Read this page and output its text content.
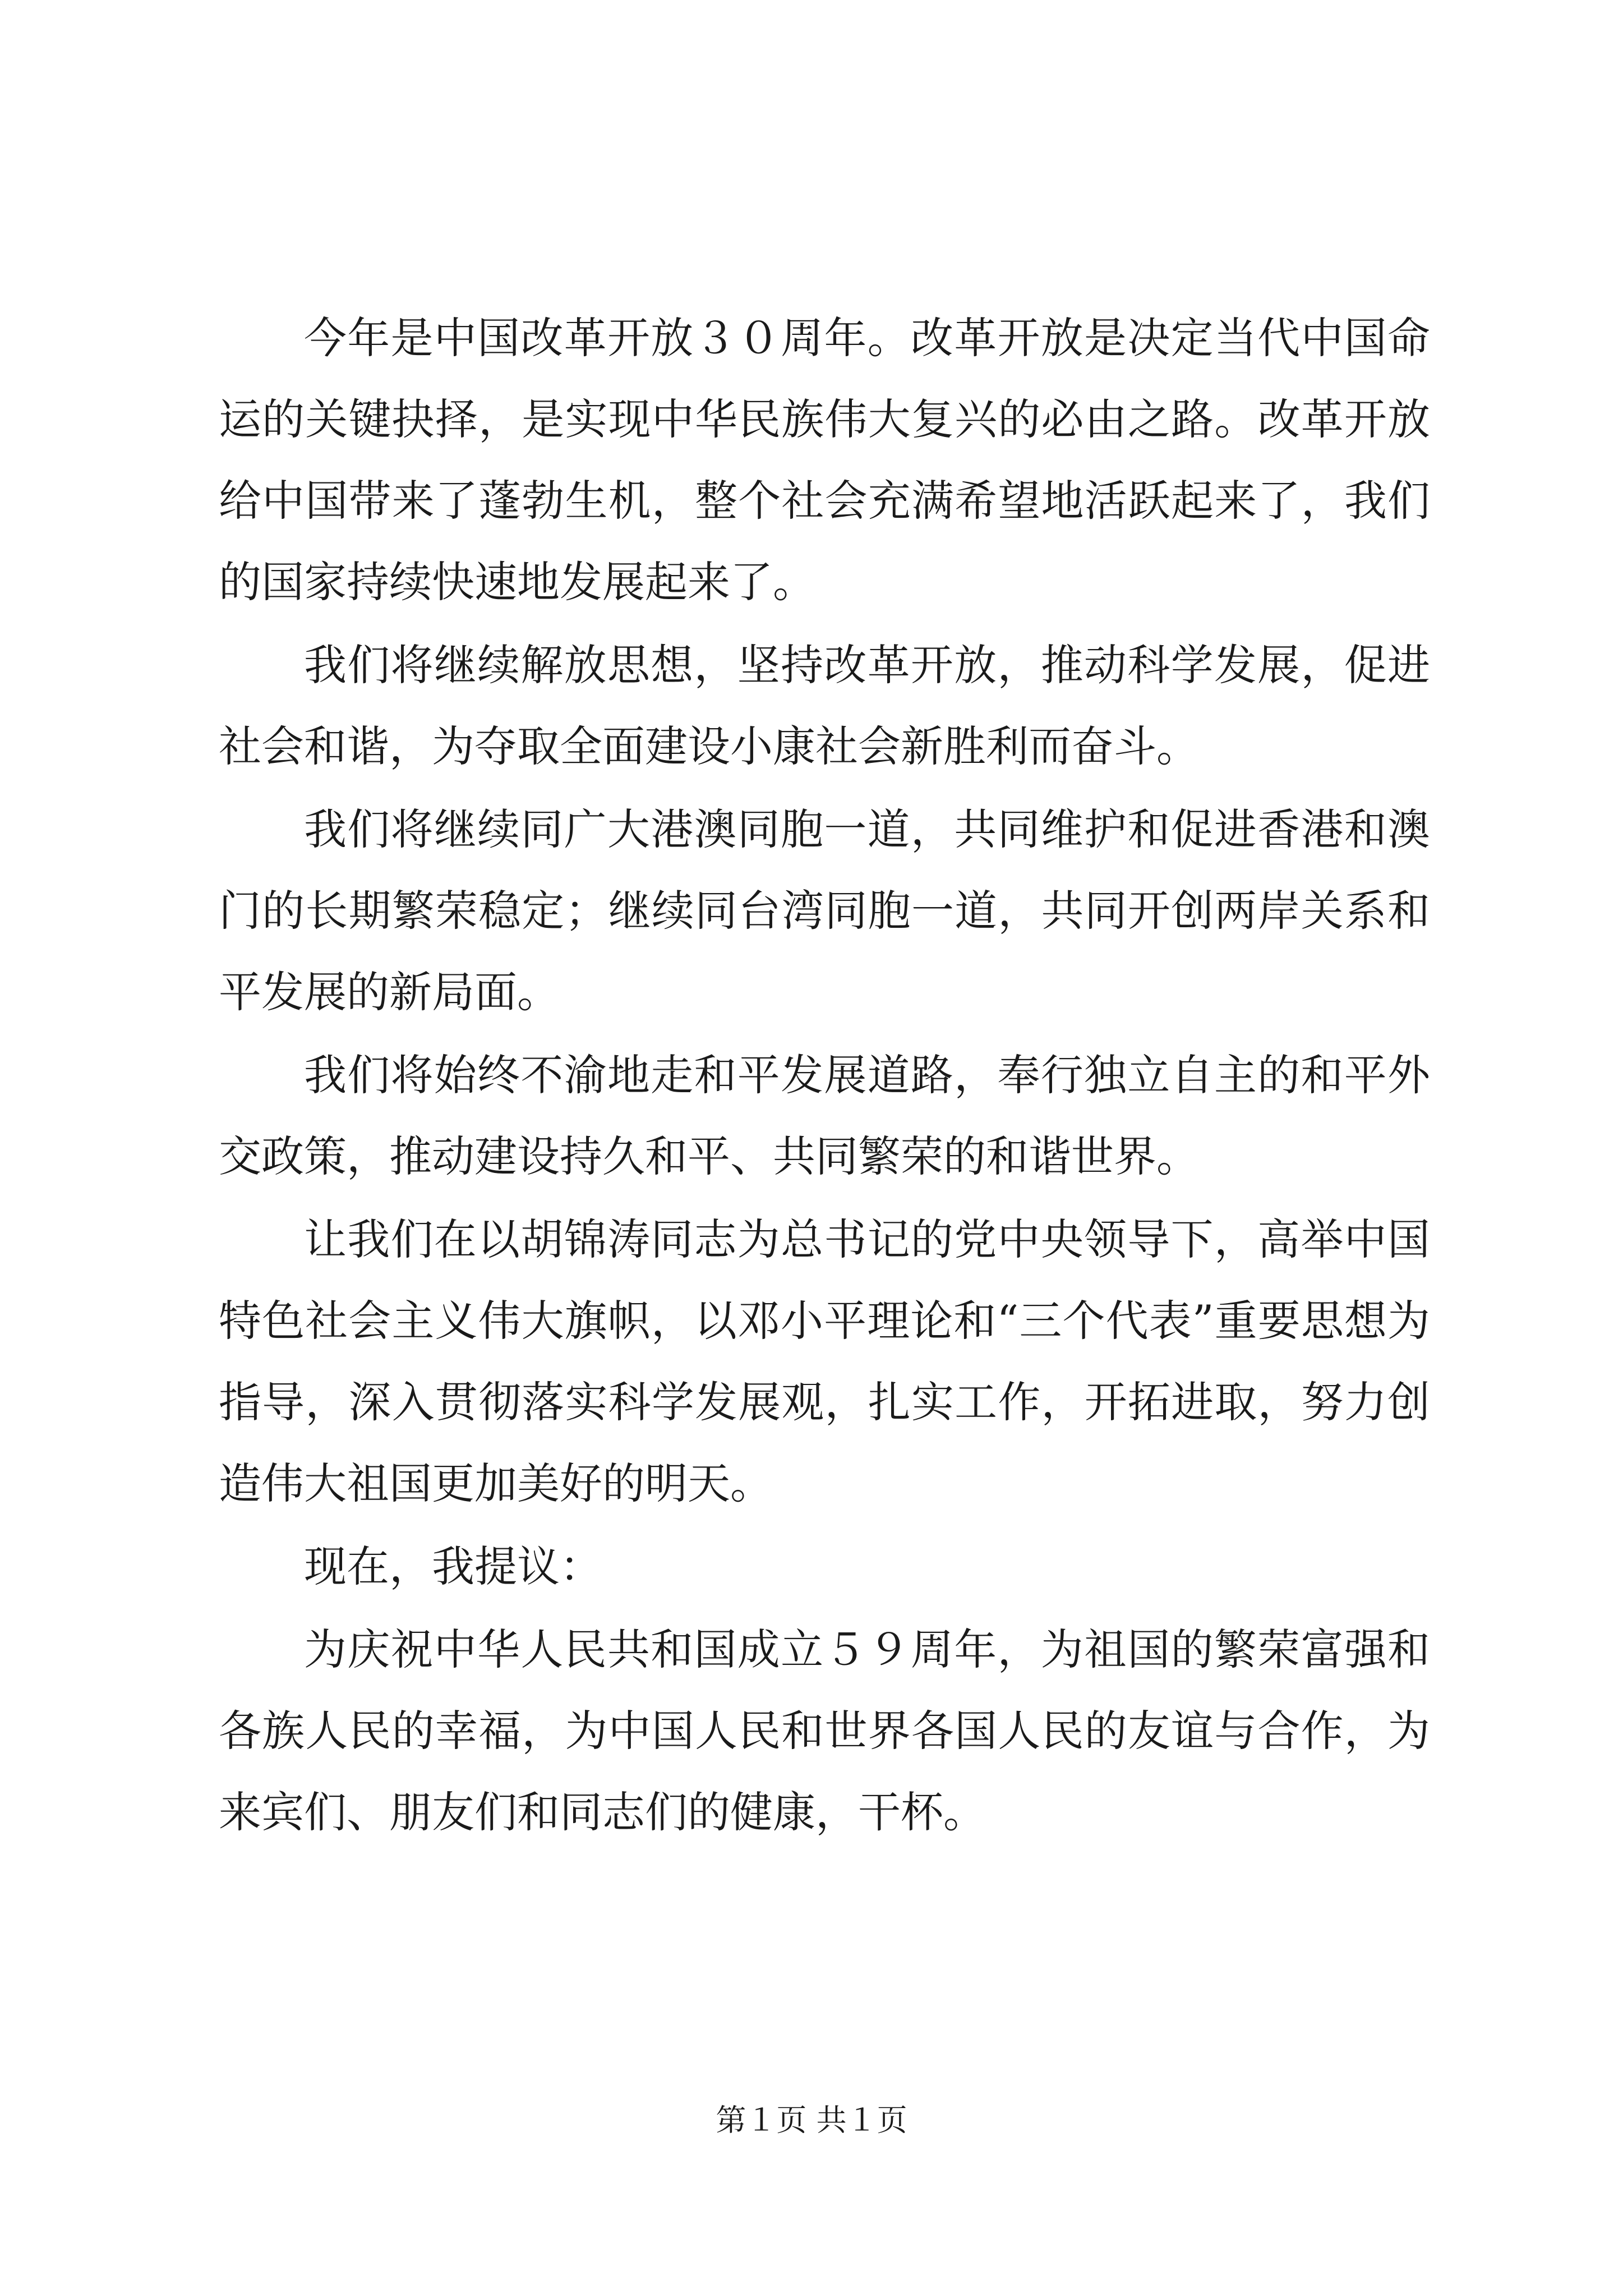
今年是中国改革开放３０周年。改革开放是决定当代中国命运的关键抉择，是实现中华民族伟大复兴的必由之路。改革开放给中国带来了蓬勃生机，整个社会充满希望地活跃起来了，我们的国家持续快速地发展起来了。

我们将继续解放思想，坚持改革开放，推动科学发展，促进社会和谐，为夺取全面建设小康社会新胜利而奋斗。

我们将继续同广大港澳同胞一道，共同维护和促进香港和澳门的长期繁荣稳定；继续同台湾同胞一道，共同开创两岸关系和平发展的新局面。

我们将始终不渝地走和平发展道路，奉行独立自主的和平外交政策，推动建设持久和平、共同繁荣的和谐世界。

让我们在以胡锦涛同志为总书记的党中央领导下，高举中国特色社会主义伟大旗帜，以邓小平理论和“三个代表”重要思想为指导，深入贯彻落实科学发展观，扎实工作，开拓进取，努力创造伟大祖国更加美好的明天。

现在，我提议：

为庆祝中华人民共和国成立５９周年，为祖国的繁荣富强和各族人民的幸福，为中国人民和世界各国人民的友谊与合作，为来宾们、朋友们和同志们的健康，干杯。

第１页 共１页
